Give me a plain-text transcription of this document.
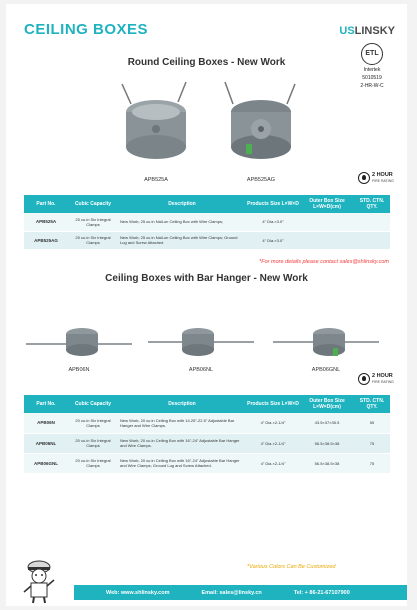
CEILING BOXES	USLINSKY
ETL
Intertek
5010519
2-HR-W-C
Round Ceiling Boxes - New Work
APB525A	APB525AG
2 HOUR
FIRE RATING
Part No.	Cubic Capacity	Description	Products Size L×W×D	Outer Box Size L×W×D(cm)	STD. CTN. QTY.
APB525A	25 cu.in Six Integral Clamps	New Work; 25 cu.in Nail-on Ceiling Box with Wire Clamps;	4" Dia.×3.0"		
APB525AG	25 cu.in Six Integral Clamps	New Work; 25 cu.in Nail-on Ceiling Box with Wire Clamps; Ground Lug and Screw Attached	4" Dia.×3.0"		
*For more details please contact sales@shlinsky.com
Ceiling Boxes with Bar Hanger - New Work
APB06N	APB06NL	APB06GNL
2 HOUR
FIRE RATING
Part No.	Cubic Capacity	Description	Products Size L×W×D	Outer Box Size L×W×D(cm)	STD. CTN. QTY.
APB06N	20 cu.in Six Integral Clamps	New Work; 20 cu.in Ceiling Box with 14.25"-22.5" Adjustable Bar Hanger and Wire Clamps.	4" Dia.×2-1/4"	43.5×37×35.5	55
APB06NL	20 cu.in Six Integral Clamps	New Work; 20 cu.in Ceiling Box with 16"-24" Adjustable Bar Hanger and Wire Clamps.	4" Dia.×2-1/4"	56.5×38.5×38	75
APB06GNL	20 cu.in Six Integral Clamps	New Work; 20 cu.in Ceiling Box with 16"-24" Adjustable Bar Hanger and Wire Clamps; Ground Lug and Screw Attached.	4" Dia.×2-1/4"	56.5×38.5×38	75
*Various Colors Can Be Customized
Web: www.shlinsky.com	Email: sales@linsky.cn	Tel: + 86-21-67107900
